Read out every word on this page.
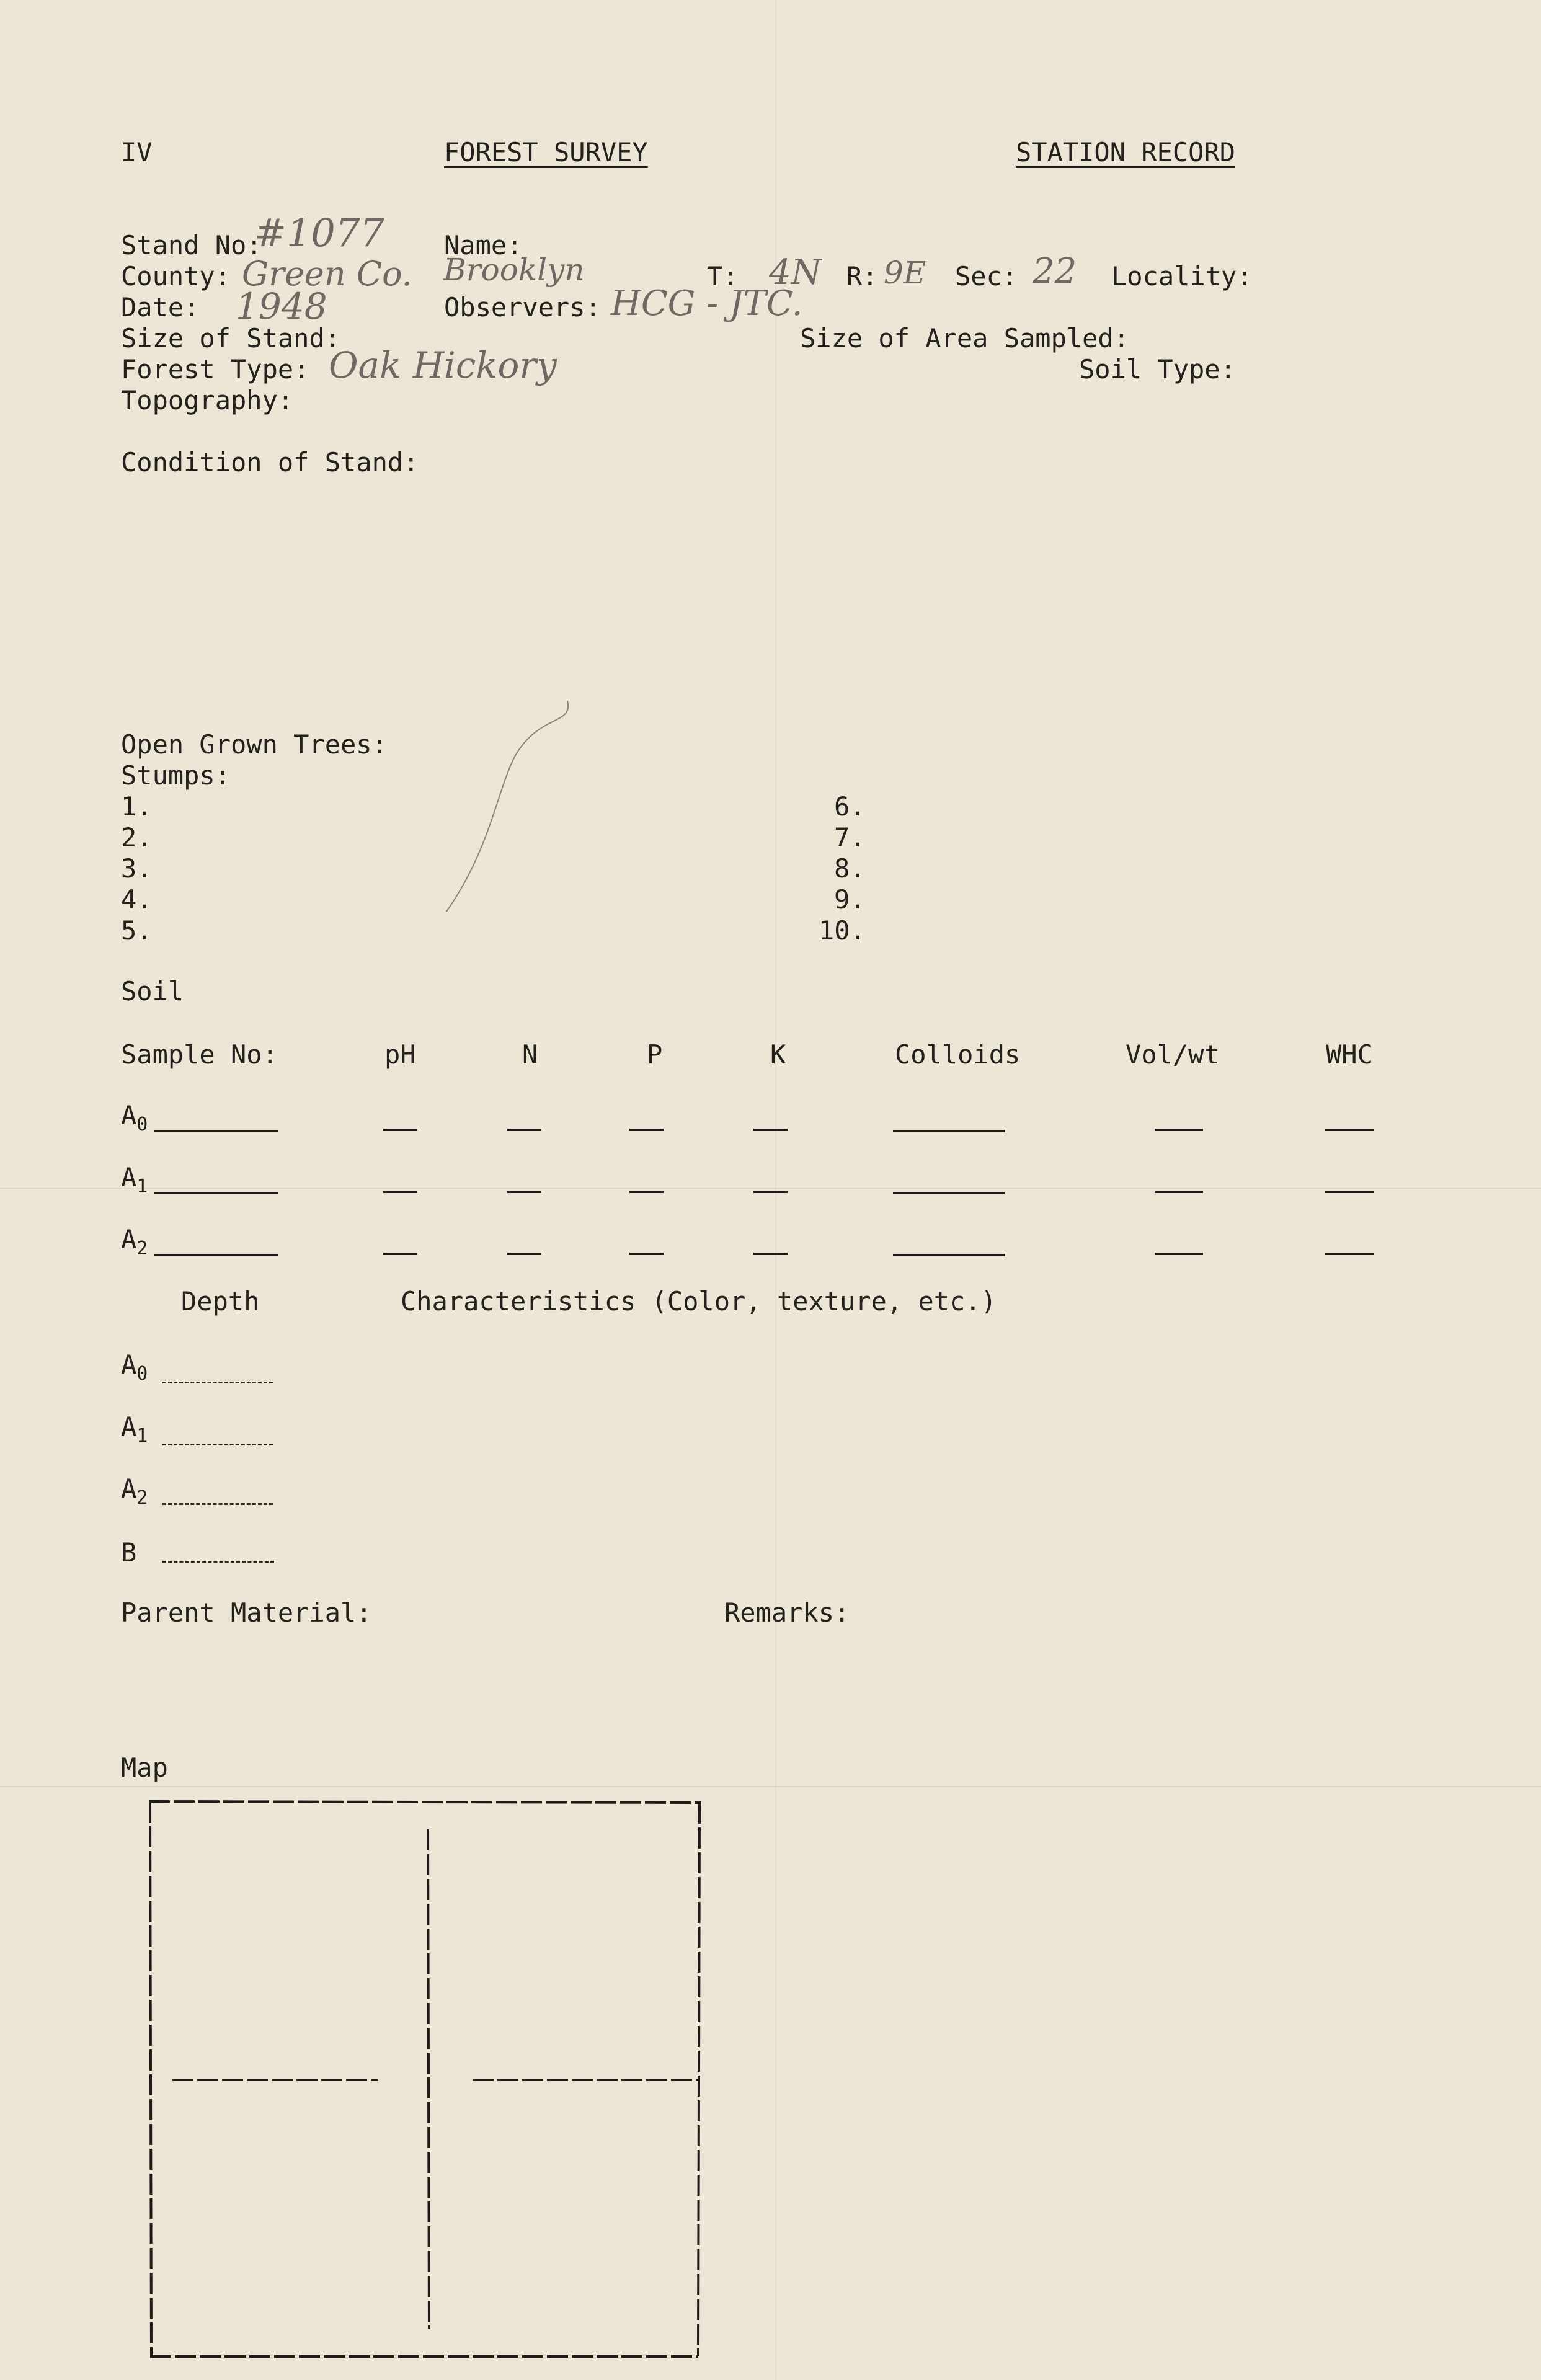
IV	FOREST SURVEY	STATION RECORD
Stand No:
#1077 Name:
County: Green Co. Brooklyn	T: 4N R: 9E Sec: 22 Locality:
Date: 1948	Observers: HCG - JTC.
Size of Stand:	Size of Area Sampled:
Forest Type: Oak Hickory	Soil Type:
Topography:
Condition of Stand:
Open Grown Trees:
Stumps:
1.
2.
3.
4.
5.
6.
7.
8.
9.
10.
Soil
Sample No:	pH	N	P	K	Colloids	Vol/wt	WHC
$A_0$
$A_1$
$A_2$
Depth	Characteristics (Color, texture, etc.)
$A_0$
$A_1$
$A_2$
B
Parent Material:	Remarks:
Map
